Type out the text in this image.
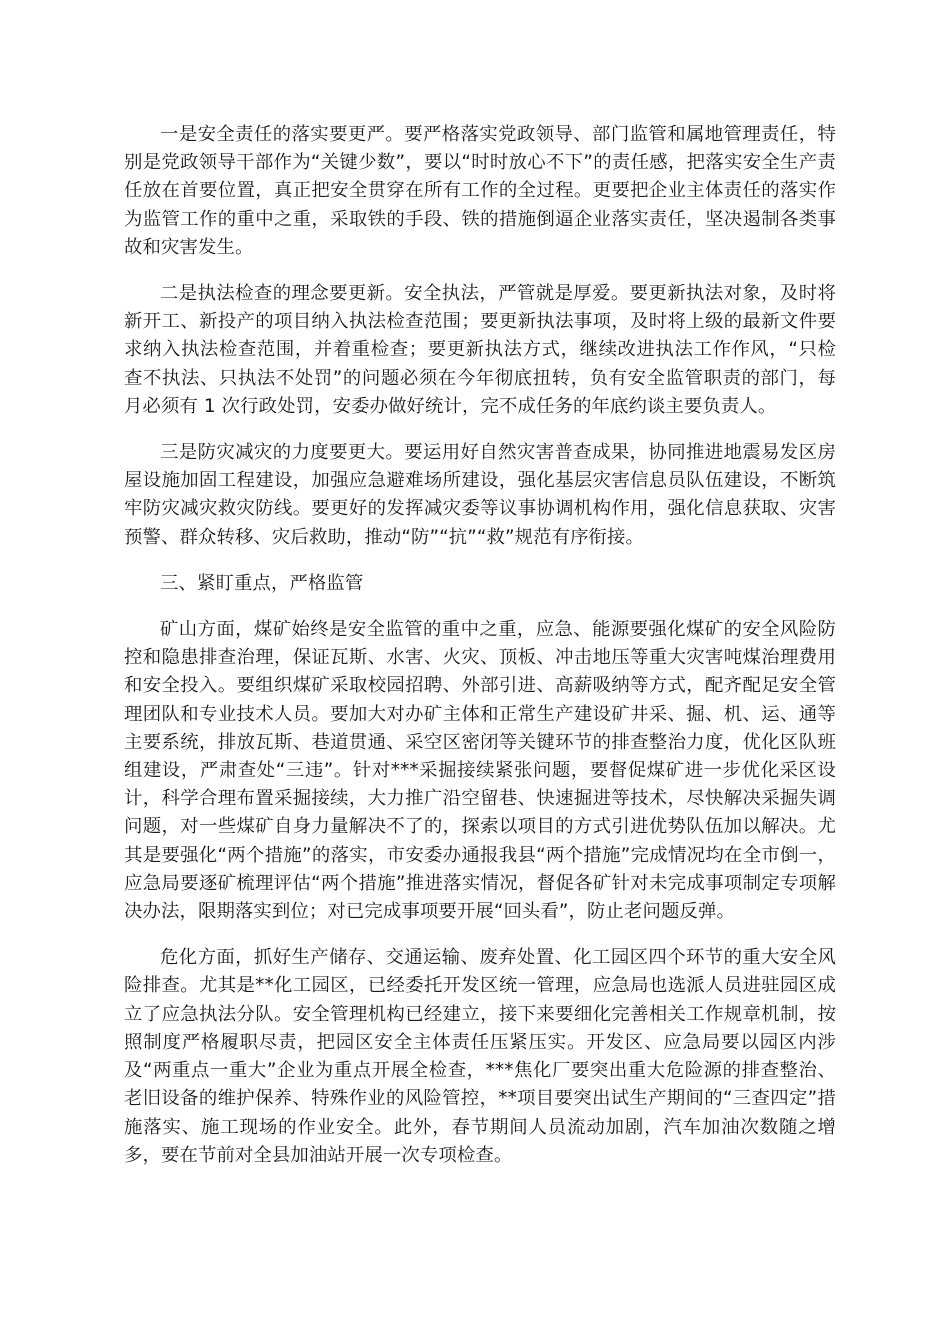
一是安全责任的落实要更严。要严格落实党政领导、部门监管和属地管理责任，特别是党政领导干部作为“关键少数”，要以“时时放心不下”的责任感，把落实安全生产责任放在首要位置，真正把安全贯穿在所有工作的全过程。更要把企业主体责任的落实作为监管工作的重中之重，采取铁的手段、铁的措施倒逼企业落实责任，坚决遏制各类事故和灾害发生。

二是执法检查的理念要更新。安全执法，严管就是厚爱。要更新执法对象，及时将新开工、新投产的项目纳入执法检查范围；要更新执法事项，及时将上级的最新文件要求纳入执法检查范围，并着重检查；要更新执法方式，继续改进执法工作作风，“只检查不执法、只执法不处罚”的问题必须在今年彻底扭转，负有安全监管职责的部门，每月必须有 1 次行政处罚，安委办做好统计，完不成任务的年底约谈主要负责人。

三是防灾减灾的力度要更大。要运用好自然灾害普查成果，协同推进地震易发区房屋设施加固工程建设，加强应急避难场所建设，强化基层灾害信息员队伍建设，不断筑牢防灾减灾救灾防线。要更好的发挥减灾委等议事协调机构作用，强化信息获取、灾害预警、群众转移、灾后救助，推动“防”“抗”“救”规范有序衔接。

三、紧盯重点，严格监管

矿山方面，煤矿始终是安全监管的重中之重，应急、能源要强化煤矿的安全风险防控和隐患排查治理，保证瓦斯、水害、火灾、顶板、冲击地压等重大灾害吨煤治理费用和安全投入。要组织煤矿采取校园招聘、外部引进、高薪吸纳等方式，配齐配足安全管理团队和专业技术人员。要加大对办矿主体和正常生产建设矿井采、掘、机、运、通等主要系统，排放瓦斯、巷道贯通、采空区密闭等关键环节的排查整治力度，优化区队班组建设，严肃查处“三违”。针对***采掘接续紧张问题，要督促煤矿进一步优化采区设计，科学合理布置采掘接续，大力推广沿空留巷、快速掘进等技术，尽快解决采掘失调问题，对一些煤矿自身力量解决不了的，探索以项目的方式引进优势队伍加以解决。尤其是要强化“两个措施”的落实，市安委办通报我县“两个措施”完成情况均在全市倒一，应急局要逐矿梳理评估“两个措施”推进落实情况，督促各矿针对未完成事项制定专项解决办法，限期落实到位；对已完成事项要开展“回头看”，防止老问题反弹。

危化方面，抓好生产储存、交通运输、废弃处置、化工园区四个环节的重大安全风险排查。尤其是**化工园区，已经委托开发区统一管理，应急局也选派人员进驻园区成立了应急执法分队。安全管理机构已经建立，接下来要细化完善相关工作规章机制，按照制度严格履职尽责，把园区安全主体责任压紧压实。开发区、应急局要以园区内涉及“两重点一重大”企业为重点开展全检查，***焦化厂要突出重大危险源的排查整治、老旧设备的维护保养、特殊作业的风险管控，**项目要突出试生产期间的“三查四定”措施落实、施工现场的作业安全。此外，春节期间人员流动加剧，汽车加油次数随之增多，要在节前对全县加油站开展一次专项检查。
